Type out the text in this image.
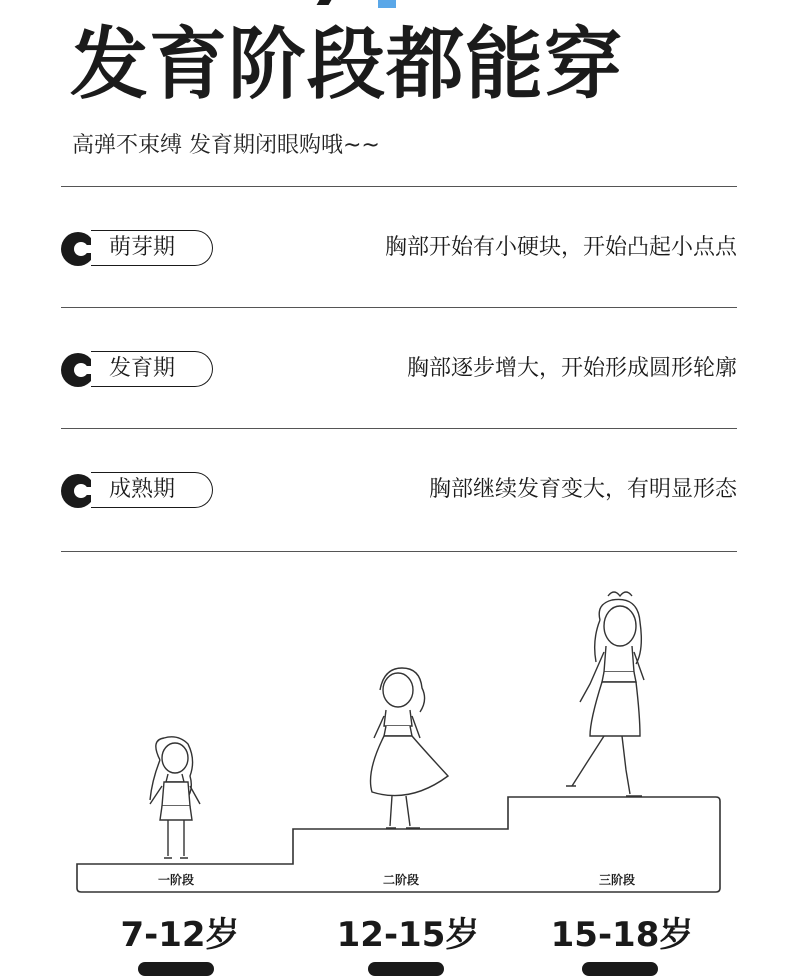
发育阶段都能穿
高弹不束缚 发育期闭眼购哦~~
萌芽期	胸部开始有小硬块，开始凸起小点点
发育期	胸部逐步增大，开始形成圆形轮廓
成熟期	胸部继续发育变大，有明显形态
一阶段	二阶段	三阶段
7-12岁	12-15岁	15-18岁
